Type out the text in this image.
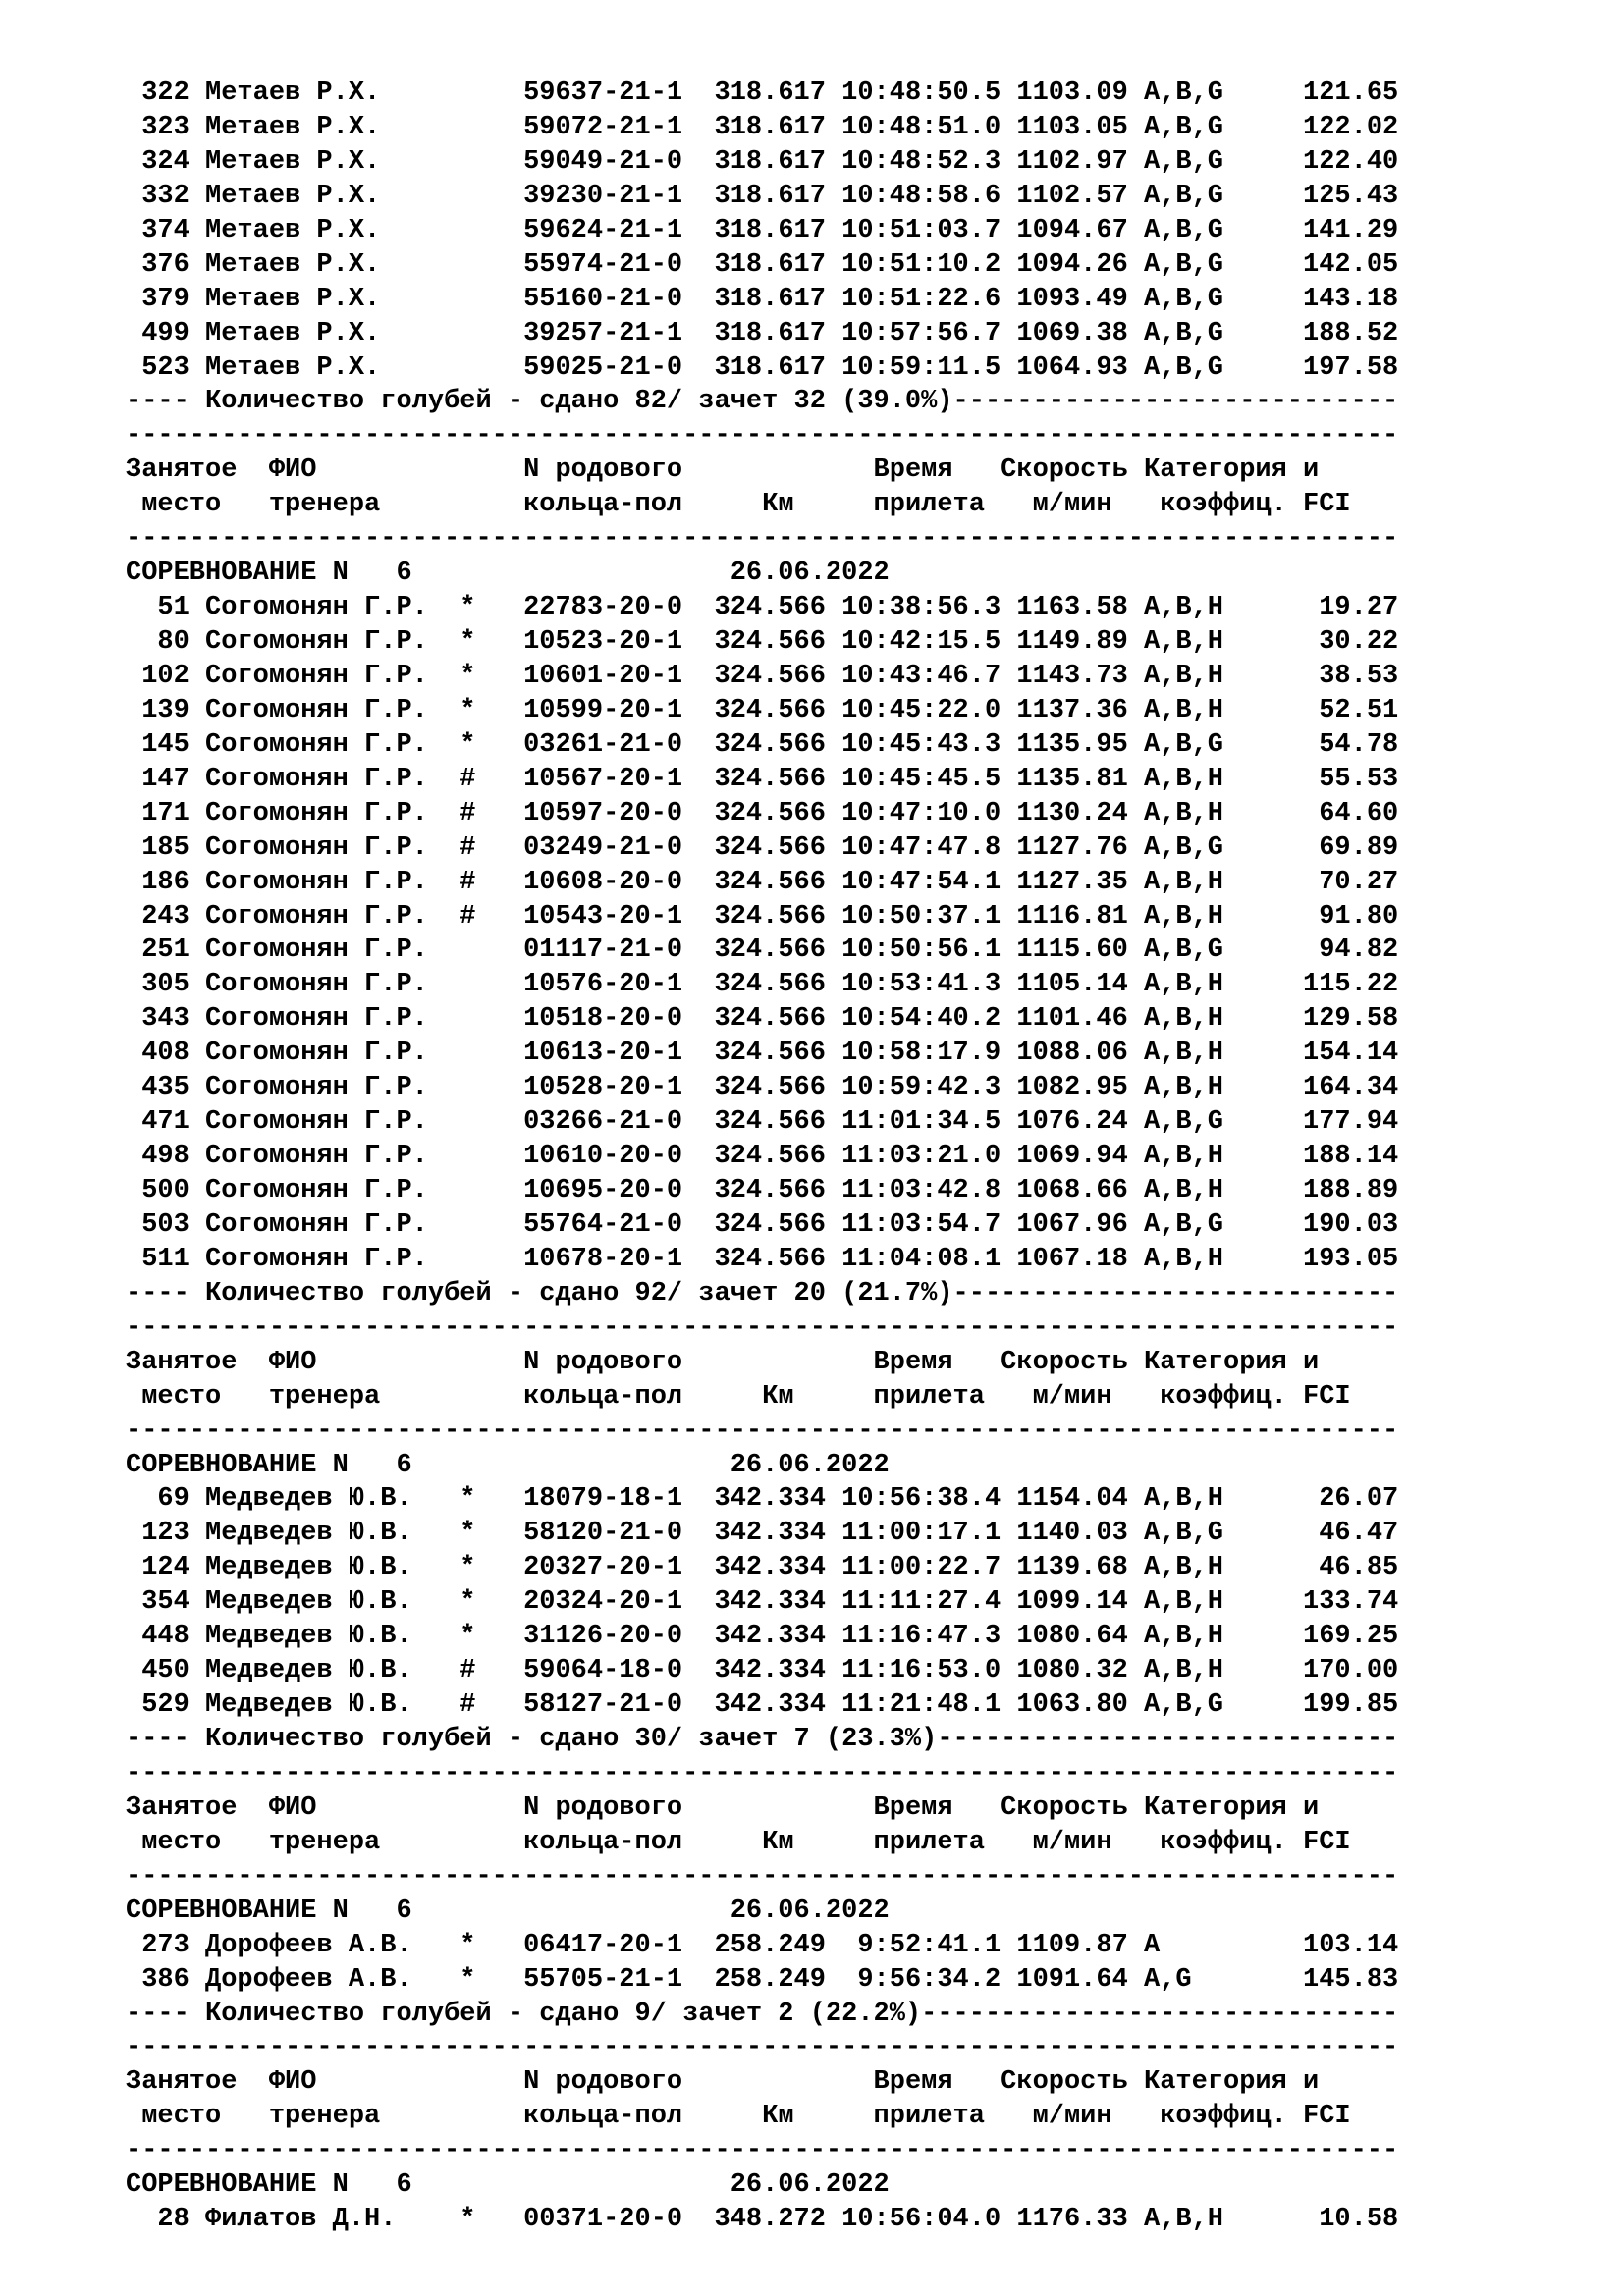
322 Метаев Р.Х.	59637-21-1 318.617 10:48:50.5 1103.09 A,B,G     121.65
323 Метаев Р.Х.	59072-21-1 318.617 10:48:51.0 1103.05 A,B,G     122.02
324 Метаев Р.Х.	59049-21-0 318.617 10:48:52.3 1102.97 A,B,G     122.40
332 Метаев Р.Х.	39230-21-1 318.617 10:48:58.6 1102.57 A,B,G     125.43
374 Метаев Р.Х.	59624-21-1 318.617 10:51:03.7 1094.67 A,B,G     141.29
376 Метаев Р.Х.	55974-21-0 318.617 10:51:10.2 1094.26 A,B,G     142.05
379 Метаев Р.Х.	55160-21-0 318.617 10:51:22.6 1093.49 A,B,G     143.18
499 Метаев Р.Х.	39257-21-1 318.617 10:57:56.7 1069.38 A,B,G     188.52
523 Метаев Р.Х.	59025-21-0 318.617 10:59:11.5 1064.93 A,B,G     197.58
---- Количество голубей - сдано 82/ зачет 32 (39.0%)----------------------------
--------------------------------------------------------------------------------
Занятое  ФИО             N родового            Время   Скорость Категория и
место   тренера         кольца-пол     Км     прилета   м/мин   коэффиц. FCI
--------------------------------------------------------------------------------
СОРЕВНОВАНИЕ N   6                    26.06.2022
51 Согомонян Г.Р.  * 22783-20-0 324.566 10:38:56.3 1163.58 A,B,H      19.27
80 Согомонян Г.Р.  * 10523-20-1 324.566 10:42:15.5 1149.89 A,B,H      30.22
102 Согомонян Г.Р.  * 10601-20-1 324.566 10:43:46.7 1143.73 A,B,H      38.53
139 Согомонян Г.Р.  * 10599-20-1 324.566 10:45:22.0 1137.36 A,B,H      52.51
145 Согомонян Г.Р.  * 03261-21-0 324.566 10:45:43.3 1135.95 A,B,G      54.78
147 Согомонян Г.Р.  # 10567-20-1 324.566 10:45:45.5 1135.81 A,B,H      55.53
171 Согомонян Г.Р.  # 10597-20-0 324.566 10:47:10.0 1130.24 A,B,H      64.60
185 Согомонян Г.Р.  # 03249-21-0 324.566 10:47:47.8 1127.76 A,B,G      69.89
186 Согомонян Г.Р.  # 10608-20-0 324.566 10:47:54.1 1127.35 A,B,H      70.27
243 Согомонян Г.Р.  # 10543-20-1 324.566 10:50:37.1 1116.81 A,B,H      91.80
251 Согомонян Г.Р.	01117-21-0 324.566 10:50:56.1 1115.60 A,B,G      94.82
305 Согомонян Г.Р.	10576-20-1 324.566 10:53:41.3 1105.14 A,B,H     115.22
343 Согомонян Г.Р.	10518-20-0 324.566 10:54:40.2 1101.46 A,B,H     129.58
408 Согомонян Г.Р.	10613-20-1 324.566 10:58:17.9 1088.06 A,B,H     154.14
435 Согомонян Г.Р.	10528-20-1 324.566 10:59:42.3 1082.95 A,B,H     164.34
471 Согомонян Г.Р.	03266-21-0 324.566 11:01:34.5 1076.24 A,B,G     177.94
498 Согомонян Г.Р.	10610-20-0 324.566 11:03:21.0 1069.94 A,B,H     188.14
500 Согомонян Г.Р.	10695-20-0 324.566 11:03:42.8 1068.66 A,B,H     188.89
503 Согомонян Г.Р.	55764-21-0 324.566 11:03:54.7 1067.96 A,B,G     190.03
511 Согомонян Г.Р.	10678-20-1 324.566 11:04:08.1 1067.18 A,B,H     193.05
---- Количество голубей - сдано 92/ зачет 20 (21.7%)----------------------------
--------------------------------------------------------------------------------
Занятое  ФИО             N родового            Время   Скорость Категория и
место   тренера         кольца-пол     Км     прилета   м/мин   коэффиц. FCI
--------------------------------------------------------------------------------
СОРЕВНОВАНИЕ N   6                    26.06.2022
69 Медведев Ю.В.   * 18079-18-1 342.334 10:56:38.4 1154.04 A,B,H      26.07
123 Медведев Ю.В.   * 58120-21-0 342.334 11:00:17.1 1140.03 A,B,G      46.47
124 Медведев Ю.В.   * 20327-20-1 342.334 11:00:22.7 1139.68 A,B,H      46.85
354 Медведев Ю.В.   * 20324-20-1 342.334 11:11:27.4 1099.14 A,B,H     133.74
448 Медведев Ю.В.   * 31126-20-0 342.334 11:16:47.3 1080.64 A,B,H     169.25
450 Медведев Ю.В.   # 59064-18-0 342.334 11:16:53.0 1080.32 A,B,H     170.00
529 Медведев Ю.В.   # 58127-21-0 342.334 11:21:48.1 1063.80 A,B,G     199.85
---- Количество голубей - сдано 30/ зачет 7 (23.3%)-----------------------------
--------------------------------------------------------------------------------
Занятое  ФИО             N родового            Время   Скорость Категория и
место   тренера         кольца-пол     Км     прилета   м/мин   коэффиц. FCI
--------------------------------------------------------------------------------
СОРЕВНОВАНИЕ N   6                    26.06.2022
273 Дорофеев А.В.   * 06417-20-1 258.249  9:52:41.1 1109.87 A         103.14
386 Дорофеев А.В.   * 55705-21-1 258.249  9:56:34.2 1091.64 A,G       145.83
---- Количество голубей - сдано 9/ зачет 2 (22.2%)------------------------------
--------------------------------------------------------------------------------
Занятое  ФИО             N родового            Время   Скорость Категория и
место   тренера         кольца-пол     Км     прилета   м/мин   коэффиц. FCI
--------------------------------------------------------------------------------
СОРЕВНОВАНИЕ N   6                    26.06.2022
28 Филатов Д.Н.    * 00371-20-0 348.272 10:56:04.0 1176.33 A,B,H      10.58
